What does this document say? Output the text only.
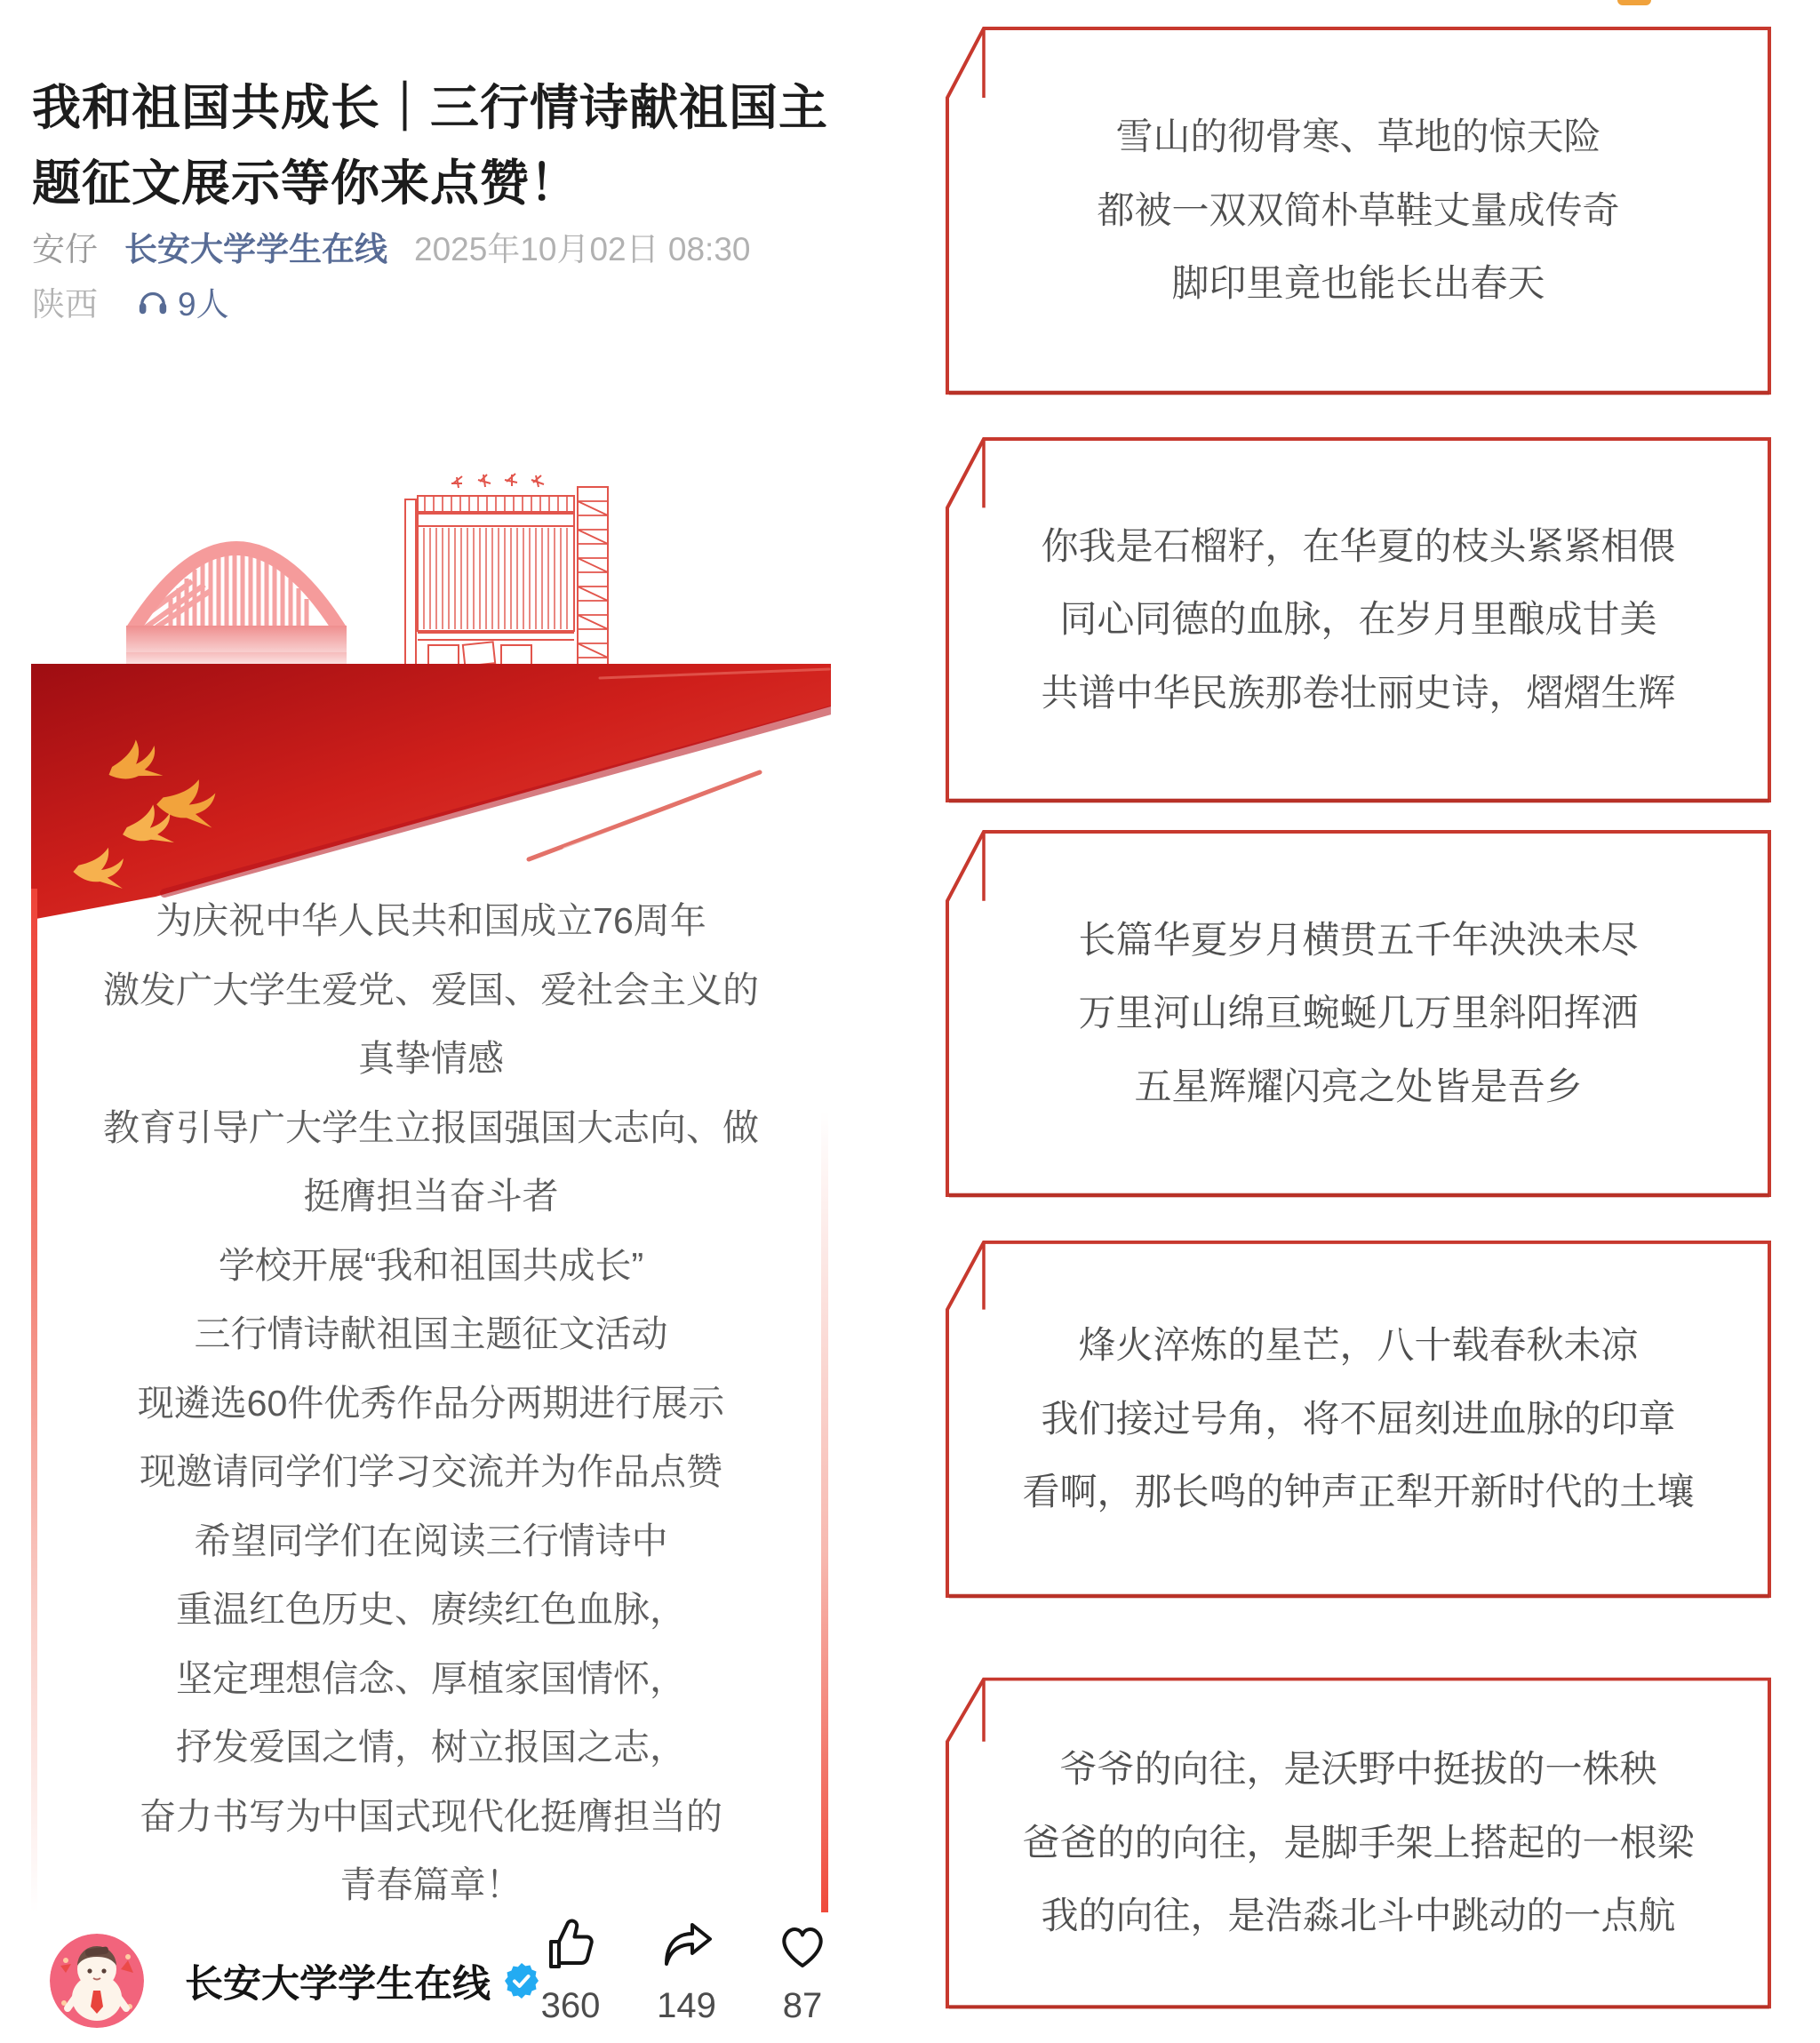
我和祖国共成长｜三行情诗献祖国主题征文展示等你来点赞！
安仔 长安大学学生在线 2025年10月02日 08:30
陕西 9人
为庆祝中华人民共和国成立76周年
激发广大学生爱党、爱国、爱社会主义的
真挚情感
教育引导广大学生立报国强国大志向、做
挺膺担当奋斗者
学校开展“我和祖国共成长”
三行情诗献祖国主题征文活动
现遴选60件优秀作品分两期进行展示
现邀请同学们学习交流并为作品点赞
希望同学们在阅读三行情诗中
重温红色历史、赓续红色血脉，
坚定理想信念、厚植家国情怀，
抒发爱国之情，树立报国之志，
奋力书写为中国式现代化挺膺担当的
青春篇章！
长安大学学生在线
360 149 87
雪山的彻骨寒、草地的惊天险
都被一双双简朴草鞋丈量成传奇
脚印里竟也能长出春天
你我是石榴籽，在华夏的枝头紧紧相偎
同心同德的血脉，在岁月里酿成甘美
共谱中华民族那卷壮丽史诗，熠熠生辉
长篇华夏岁月横贯五千年泱泱未尽
万里河山绵亘蜿蜒几万里斜阳挥洒
五星辉耀闪亮之处皆是吾乡
烽火淬炼的星芒，八十载春秋未凉
我们接过号角，将不屈刻进血脉的印章
看啊，那长鸣的钟声正犁开新时代的土壤
爷爷的向往，是沃野中挺拔的一株秧
爸爸的的向往，是脚手架上搭起的一根梁
我的向往，是浩淼北斗中跳动的一点航
